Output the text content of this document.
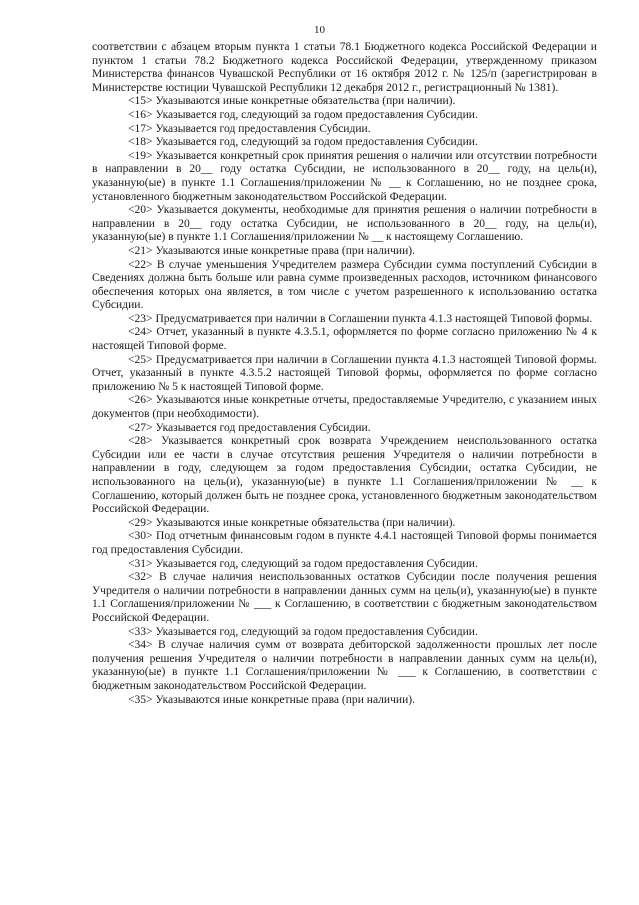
10

соответствии с абзацем вторым пункта 1 статьи 78.1 Бюджетного кодекса Российской Федерации и пунктом 1 статьи 78.2 Бюджетного кодекса Российской Федерации, утвержденному приказом Министерства финансов Чувашской Республики от 16 октября 2012 г. № 125/п (зарегистрирован в Министерстве юстиции Чувашской Республики 12 декабря 2012 г., регистрационный № 1381).

<15> Указываются иные конкретные обязательства (при наличии).

<16> Указывается год, следующий за годом предоставления Субсидии.

<17> Указывается год предоставления Субсидии.

<18> Указывается год, следующий за годом предоставления Субсидии.

<19> Указывается конкретный срок принятия решения о наличии или отсутствии потребности в направлении в 20__ году остатка Субсидии, не использованного в 20__ году, на цель(и), указанную(ые) в пункте 1.1 Соглашения/приложении № __ к Соглашению, но не позднее срока, установленного бюджетным законодательством Российской Федерации.

<20> Указывается документы, необходимые для принятия решения о наличии потребности в направлении в 20__ году остатка Субсидии, не использованного в 20__ году, на цель(и), указанную(ые) в пункте 1.1 Соглашения/приложении № __ к настоящему Соглашению.

<21> Указываются иные конкретные права (при наличии).

<22> В случае уменьшения Учредителем размера Субсидии сумма поступлений Субсидии в Сведениях должна быть больше или равна сумме произведенных расходов, источником финансового обеспечения которых она является, в том числе с учетом разрешенного к использованию остатка Субсидии.

<23> Предусматривается при наличии в Соглашении пункта 4.1.3 настоящей Типовой формы.

<24> Отчет, указанный в пункте 4.3.5.1, оформляется по форме согласно приложению № 4 к настоящей Типовой форме.

<25> Предусматривается при наличии в Соглашении пункта 4.1.3 настоящей Типовой формы. Отчет, указанный в пункте 4.3.5.2 настоящей Типовой формы, оформляется по форме согласно приложению № 5 к настоящей Типовой форме.

<26> Указываются иные конкретные отчеты, предоставляемые Учредителю, с указанием иных документов (при необходимости).

<27> Указывается год предоставления Субсидии.

<28> Указывается конкретный срок возврата Учреждением неиспользованного остатка Субсидии или ее части в случае отсутствия решения Учредителя о наличии потребности в направлении в году, следующем за годом предоставления Субсидии, остатка Субсидии, не использованного на цель(и), указанную(ые) в пункте 1.1 Соглашения/приложении № __ к Соглашению, который должен быть не позднее срока, установленного бюджетным законодательством Российской Федерации.

<29> Указываются иные конкретные обязательства (при наличии).

<30> Под отчетным финансовым годом в пункте 4.4.1 настоящей Типовой формы понимается год предоставления Субсидии.

<31> Указывается год, следующий за годом предоставления Субсидии.

<32> В случае наличия неиспользованных остатков Субсидии после получения решения Учредителя о наличии потребности в направлении данных сумм на цель(и), указанную(ые) в пункте 1.1 Соглашения/приложении № ___ к Соглашению, в соответствии с бюджетным законодательством Российской Федерации.

<33> Указывается год, следующий за годом предоставления Субсидии.

<34> В случае наличия сумм от возврата дебиторской задолженности прошлых лет после получения решения Учредителя о наличии потребности в направлении данных сумм на цель(и), указанную(ые) в пункте 1.1 Соглашения/приложении № ___ к Соглашению, в соответствии с бюджетным законодательством Российской Федерации.

<35> Указываются иные конкретные права (при наличии).
